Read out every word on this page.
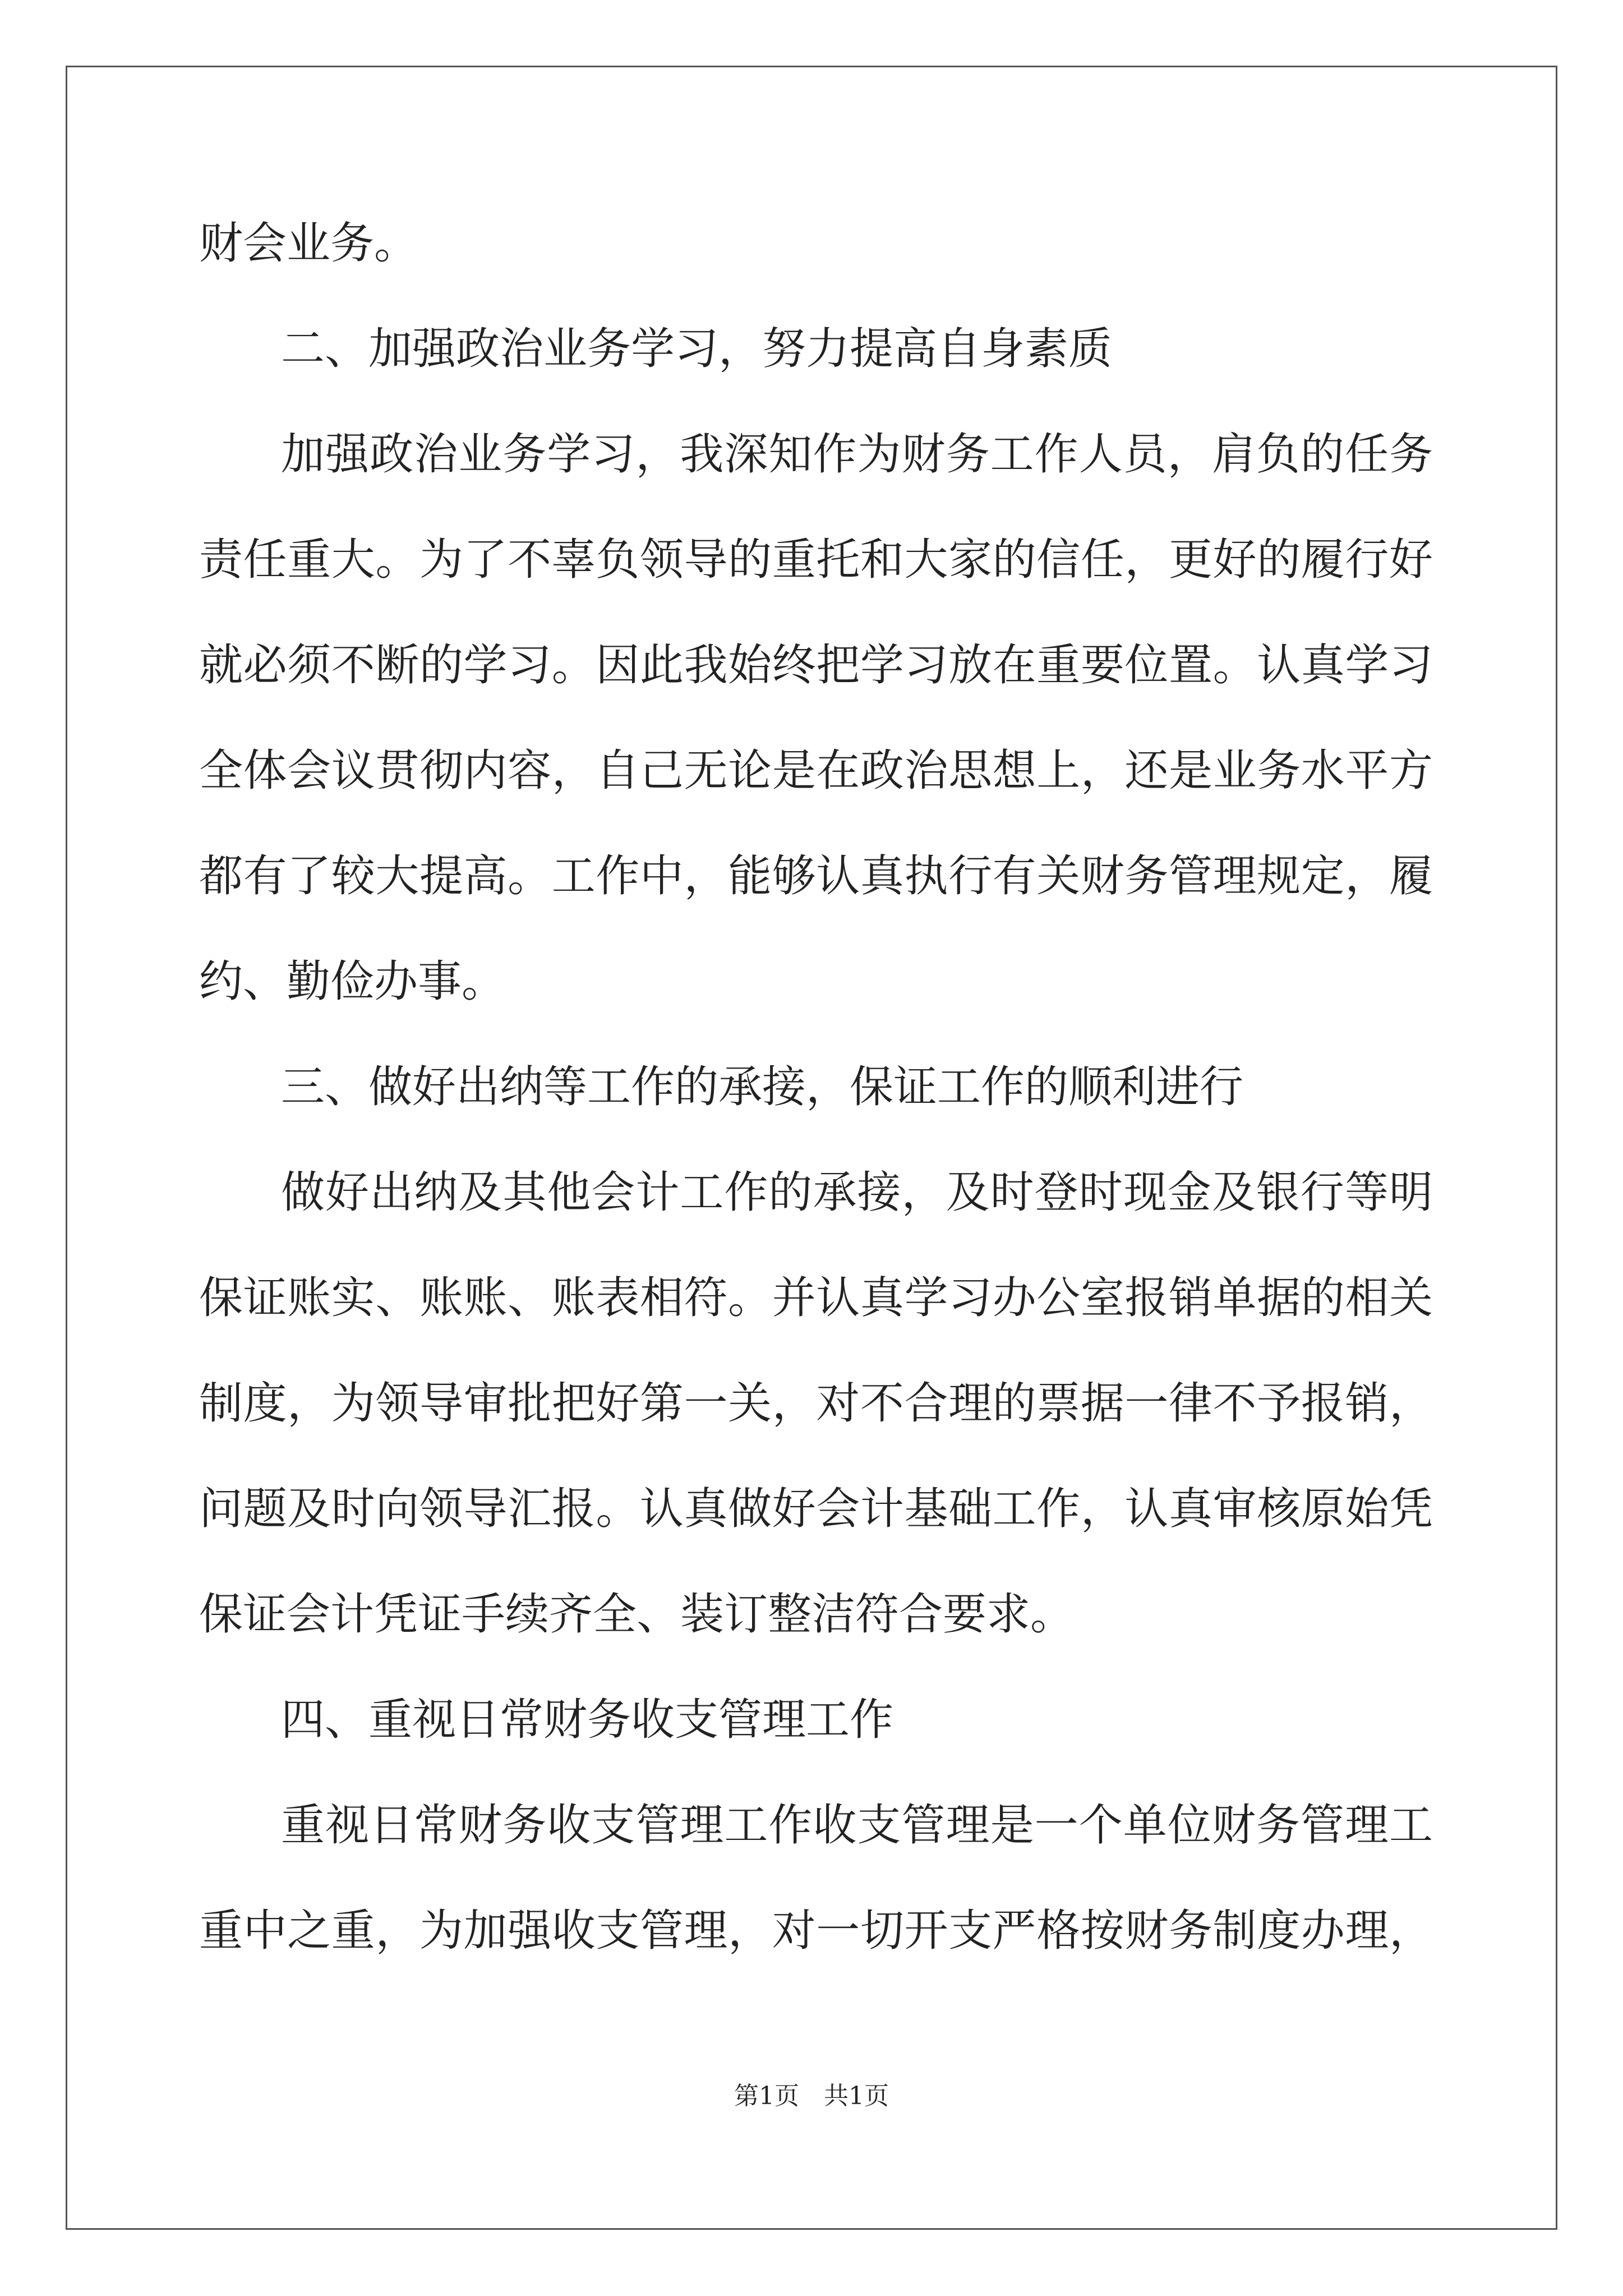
财会业务。
二、加强政治业务学习，努力提高自身素质
加强政治业务学习，我深知作为财务工作人员，肩负的任务
责任重大。为了不辜负领导的重托和大家的信任，更好的履行好
就必须不断的学习。因此我始终把学习放在重要位置。认真学习
全体会议贯彻内容，自己无论是在政治思想上，还是业务水平方
都有了较大提高。工作中，能够认真执行有关财务管理规定，履
约、勤俭办事。
三、做好出纳等工作的承接，保证工作的顺利进行
做好出纳及其他会计工作的承接，及时登时现金及银行等明
保证账实、账账、账表相符。并认真学习办公室报销单据的相关
制度，为领导审批把好第一关，对不合理的票据一律不予报销，
问题及时向领导汇报。认真做好会计基础工作，认真审核原始凭
保证会计凭证手续齐全、装订整洁符合要求。
四、重视日常财务收支管理工作
重视日常财务收支管理工作收支管理是一个单位财务管理工
重中之重，为加强收支管理，对一切开支严格按财务制度办理，
第1页　共1页
